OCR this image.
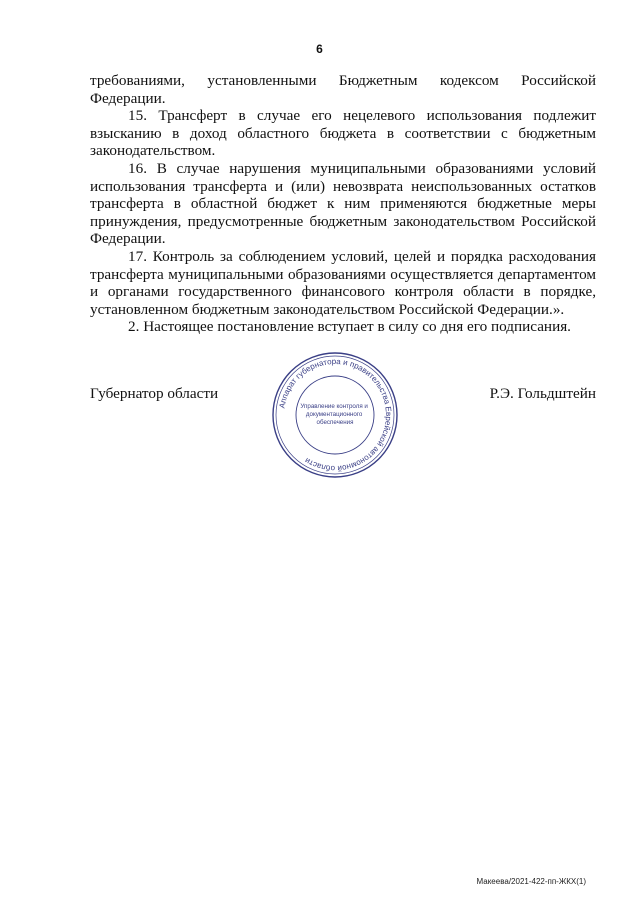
6

требованиями, установленными Бюджетным кодексом Российской Федерации.

15. Трансферт в случае его нецелевого использования подлежит взысканию в доход областного бюджета в соответствии с бюджетным законодательством.

16. В случае нарушения муниципальными образованиями условий использования трансферта и (или) невозврата неиспользованных остатков трансферта в областной бюджет к ним применяются бюджетные меры принуждения, предусмотренные бюджетным законодательством Российской Федерации.

17. Контроль за соблюдением условий, целей и порядка расходования трансферта муниципальными образованиями осуществляется департаментом и органами государственного финансового контроля области в порядке, установленном бюджетным законодательством Российской Федерации.».

2. Настоящее постановление вступает в силу со дня его подписания.

Губернатор области	Р.Э. Гольдштейн
Аппарат губернатора и правительства Еврейской автономной области
Управление контроля и документационного обеспечения
Макеева/2021-422-пп-ЖКХ(1)
